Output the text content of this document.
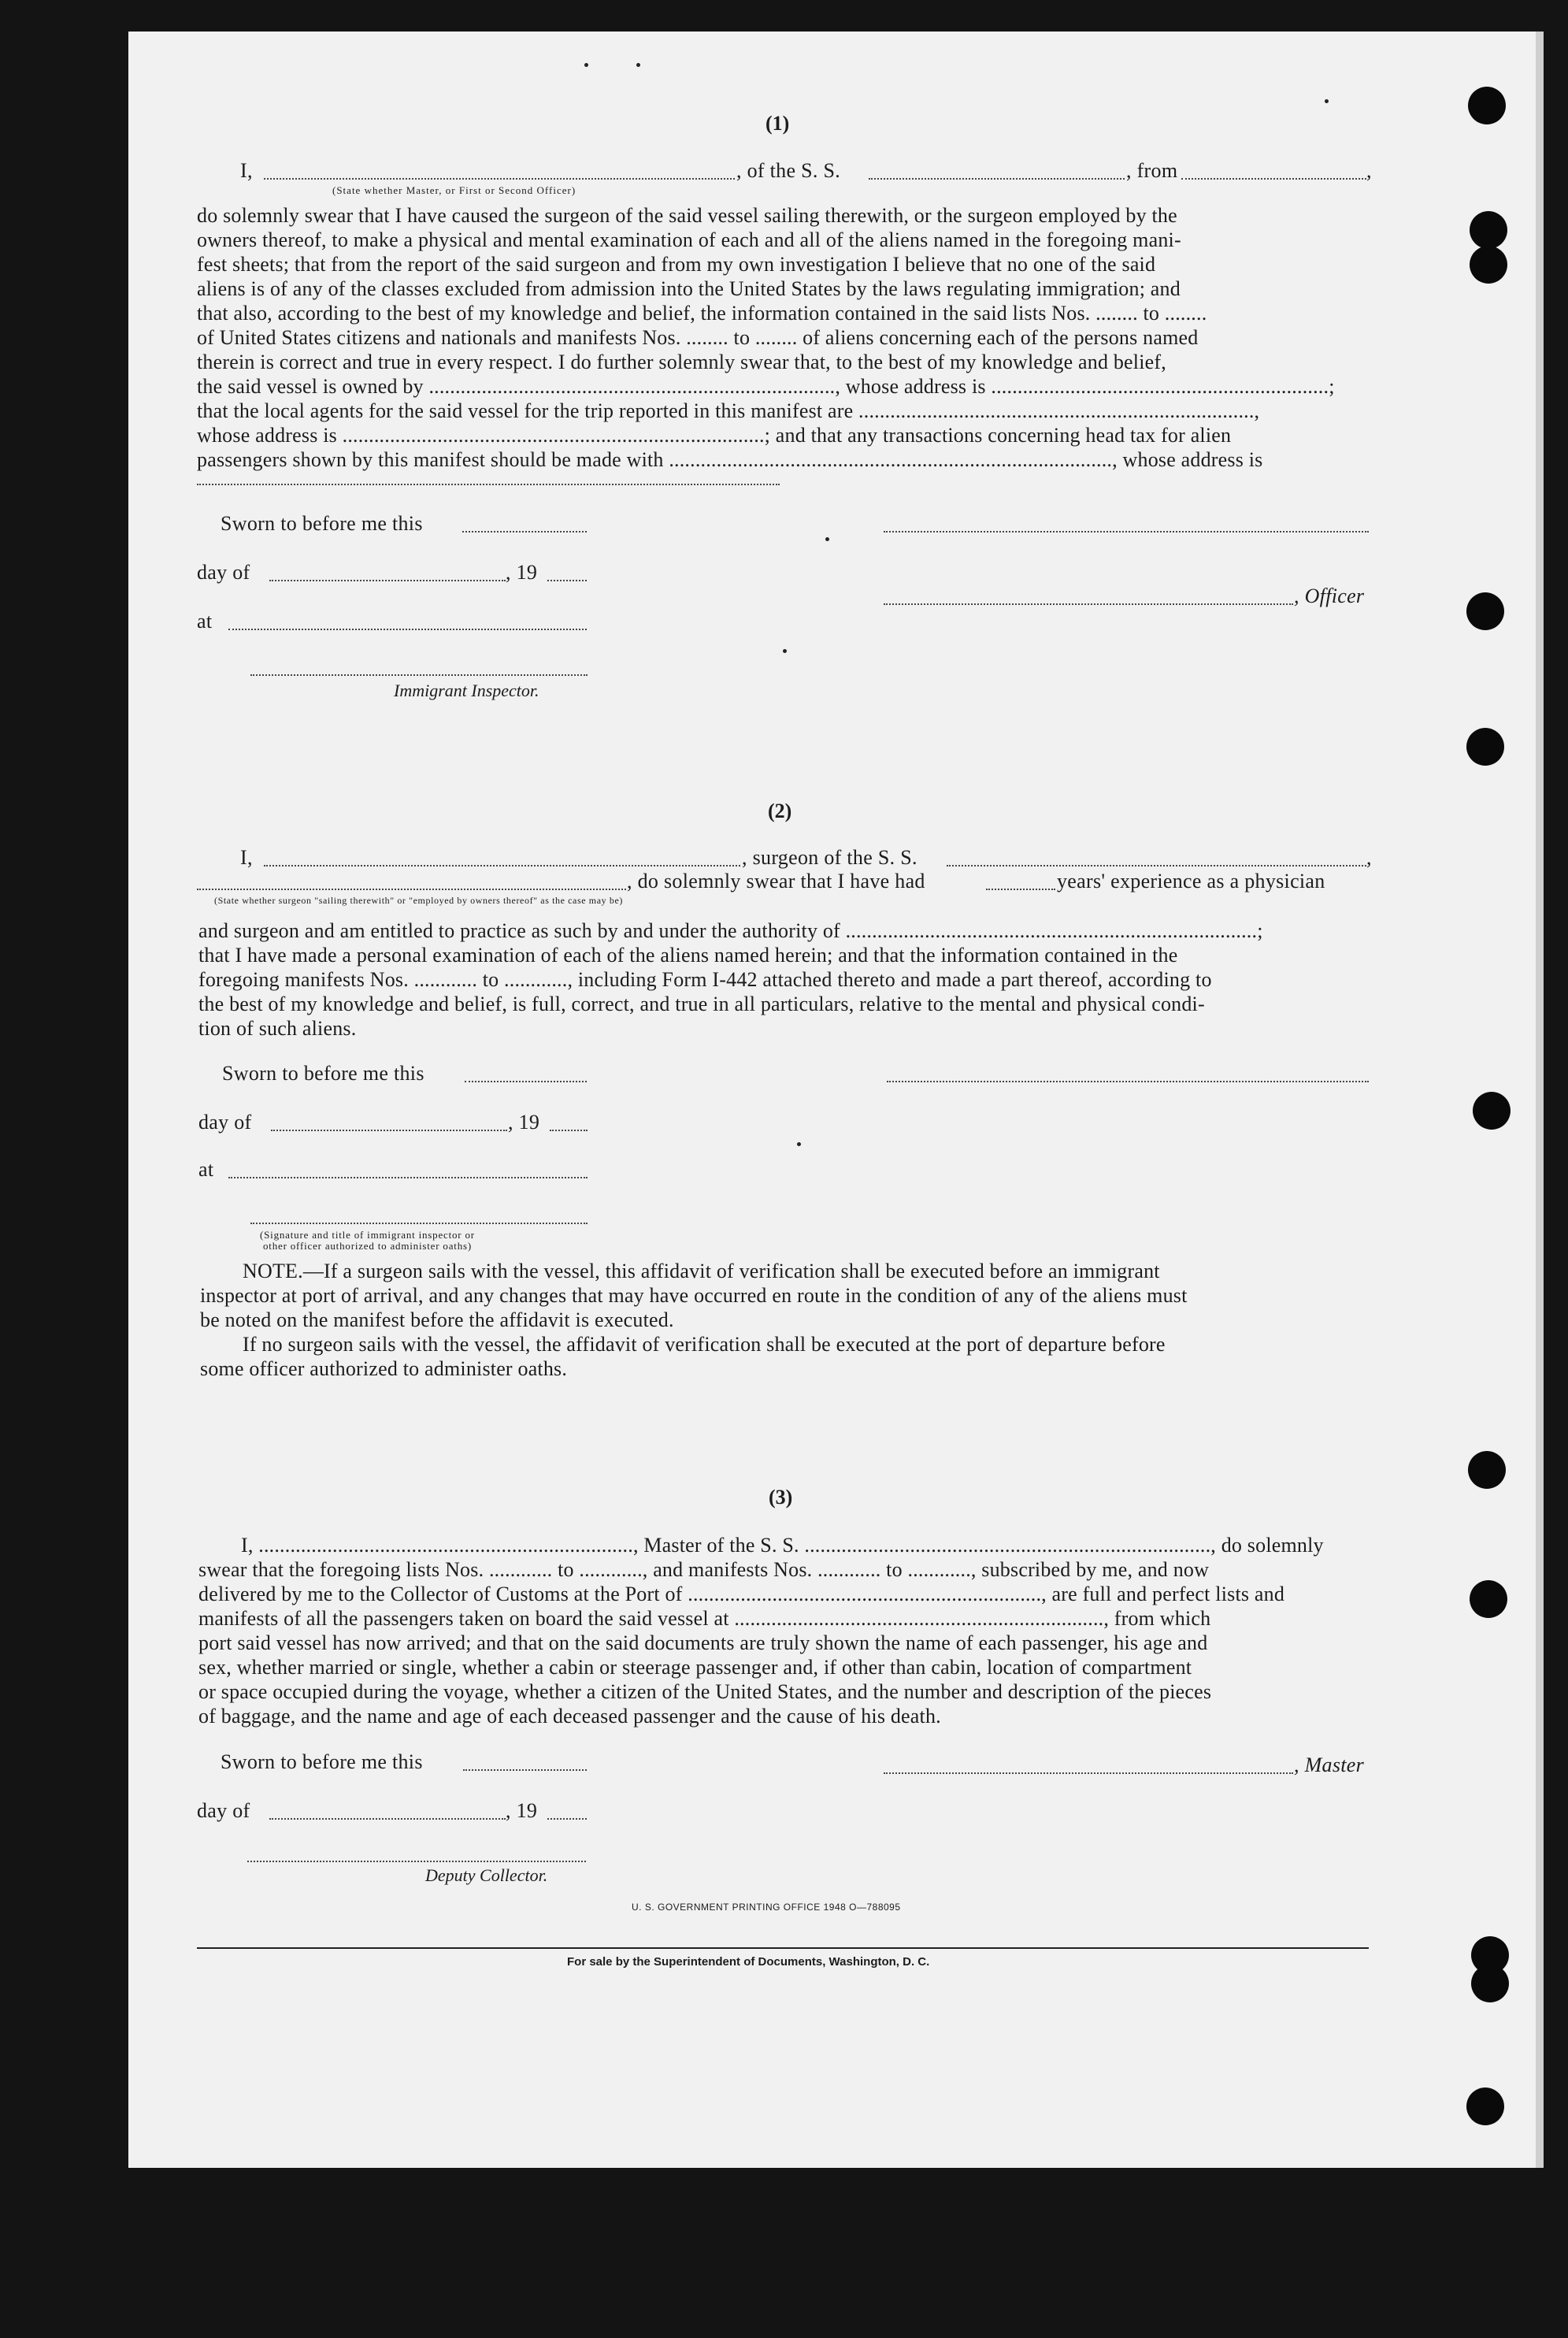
(1)
I,	, of the S. S.	, from	,
(State whether Master, or First or Second Officer)

do solemnly swear that I have caused the surgeon of the said vessel sailing therewith, or the surgeon employed by the

owners thereof, to make a physical and mental examination of each and all of the aliens named in the foregoing mani-

fest sheets; that from the report of the said surgeon and from my own investigation I believe that no one of the said

aliens is of any of the classes excluded from admission into the United States by the laws regulating immigration; and

that also, according to the best of my knowledge and belief, the information contained in the said lists Nos. ........ to ........

of United States citizens and nationals and manifests Nos. ........ to ........ of aliens concerning each of the persons named

therein is correct and true in every respect. I do further solemnly swear that, to the best of my knowledge and belief,

the said vessel is owned by ............................................................................., whose address is ................................................................;

that the local agents for the said vessel for the trip reported in this manifest are ...........................................................................,

whose address is ................................................................................; and that any transactions concerning head tax for alien

passengers shown by this manifest should be made with ...................................................................................., whose address is

Sworn to before me this
day of	, 19
, Officer
at
Immigrant Inspector.
(2)
I,	, surgeon of the S. S.	,
, do solemnly swear that I have had	years' experience as a physician
(State whether surgeon "sailing therewith" or "employed by owners thereof" as the case may be)

and surgeon and am entitled to practice as such by and under the authority of ..............................................................................;

that I have made a personal examination of each of the aliens named herein; and that the information contained in the

foregoing manifests Nos. ............ to ............, including Form I-442 attached thereto and made a part thereof, according to

the best of my knowledge and belief, is full, correct, and true in all particulars, relative to the mental and physical condi-

tion of such aliens.

Sworn to before me this
day of	, 19
at
(Signature and title of immigrant inspector or
other officer authorized to administer oaths)

NOTE.—If a surgeon sails with the vessel, this affidavit of verification shall be executed before an immigrant

inspector at port of arrival, and any changes that may have occurred en route in the condition of any of the aliens must

be noted on the manifest before the affidavit is executed.

If no surgeon sails with the vessel, the affidavit of verification shall be executed at the port of departure before

some officer authorized to administer oaths.

(3)

I, ......................................................................., Master of the S. S. ............................................................................., do solemnly

swear that the foregoing lists Nos. ............ to ............, and manifests Nos. ............ to ............, subscribed by me, and now

delivered by me to the Collector of Customs at the Port of ..................................................................., are full and perfect lists and

manifests of all the passengers taken on board the said vessel at ......................................................................, from which

port said vessel has now arrived; and that on the said documents are truly shown the name of each passenger, his age and

sex, whether married or single, whether a cabin or steerage passenger and, if other than cabin, location of compartment

or space occupied during the voyage, whether a citizen of the United States, and the number and description of the pieces

of baggage, and the name and age of each deceased passenger and the cause of his death.

Sworn to before me this	, Master
day of	, 19
Deputy Collector.
U. S. GOVERNMENT PRINTING OFFICE 1948 O—788095
For sale by the Superintendent of Documents, Washington, D. C.
